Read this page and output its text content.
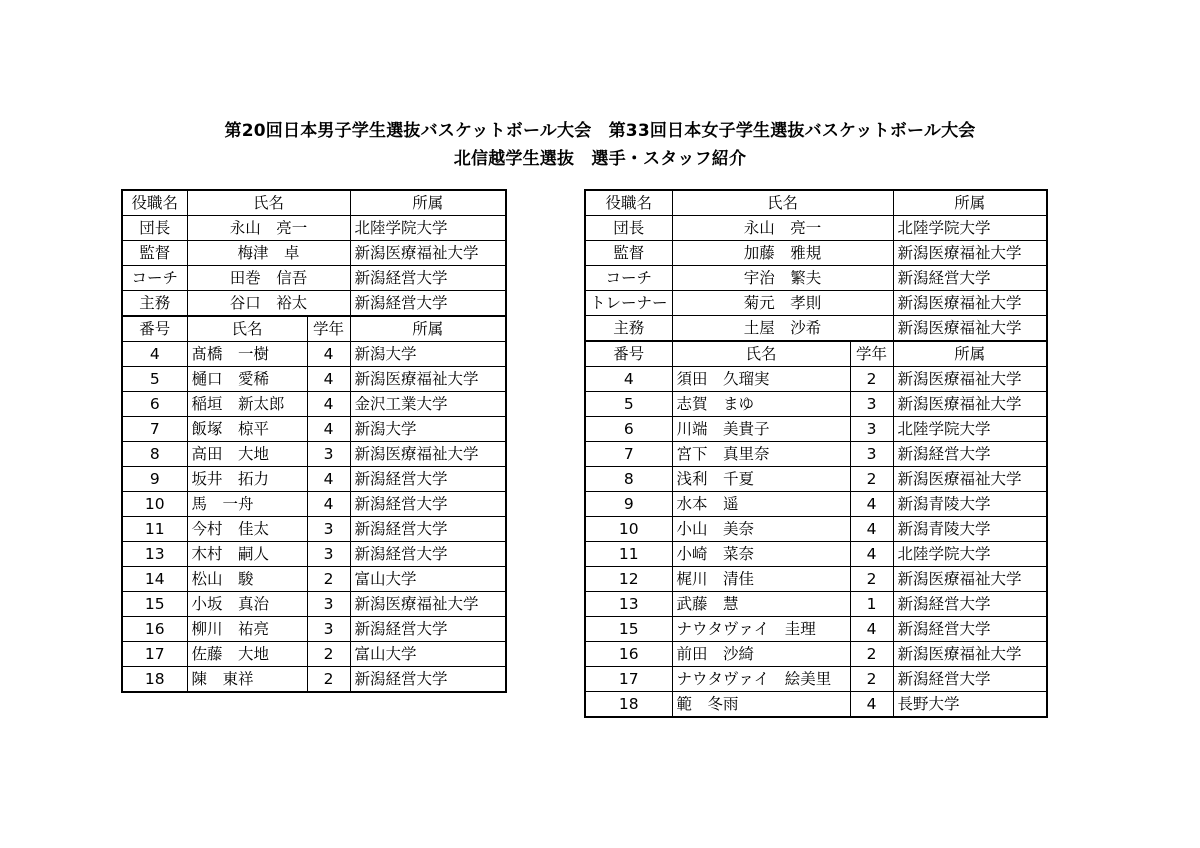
第20回日本男子学生選抜バスケットボール大会　第33回日本女子学生選抜バスケットボール大会
北信越学生選抜　選手・スタッフ紹介
役職名	氏名		所属
団長	永山　亮一		北陸学院大学
監督	梅津　卓		新潟医療福祉大学
コーチ	田巻　信吾		新潟経営大学
主務	谷口　裕太		新潟経営大学
番号	氏名	学年	所属
4	髙橋　一樹	4	新潟大学
5	樋口　愛稀	4	新潟医療福祉大学
6	稲垣　新太郎	4	金沢工業大学
7	飯塚　椋平	4	新潟大学
8	高田　大地	3	新潟医療福祉大学
9	坂井　拓力	4	新潟経営大学
10	馬　一舟	4	新潟経営大学
11	今村　佳太	3	新潟経営大学
13	木村　嗣人	3	新潟経営大学
14	松山　駿	2	富山大学
15	小坂　真治	3	新潟医療福祉大学
16	柳川　祐亮	3	新潟経営大学
17	佐藤　大地	2	富山大学
18	陳　東祥	2	新潟経営大学
役職名	氏名		所属
団長	永山　亮一		北陸学院大学
監督	加藤　雅規		新潟医療福祉大学
コーチ	宇治　繁夫		新潟経営大学
トレーナー	菊元　孝則		新潟医療福祉大学
主務	土屋　沙希		新潟医療福祉大学
番号	氏名	学年	所属
4	須田　久瑠実	2	新潟医療福祉大学
5	志賀　まゆ	3	新潟医療福祉大学
6	川端　美貴子	3	北陸学院大学
7	宮下　真里奈	3	新潟経営大学
8	浅利　千夏	2	新潟医療福祉大学
9	水本　遥	4	新潟青陵大学
10	小山　美奈	4	新潟青陵大学
11	小崎　菜奈	4	北陸学院大学
12	梶川　清佳	2	新潟医療福祉大学
13	武藤　慧	1	新潟経営大学
15	ナウタヴァイ　圭理	4	新潟経営大学
16	前田　沙綺	2	新潟医療福祉大学
17	ナウタヴァイ　絵美里	2	新潟経営大学
18	範　冬雨	4	長野大学
